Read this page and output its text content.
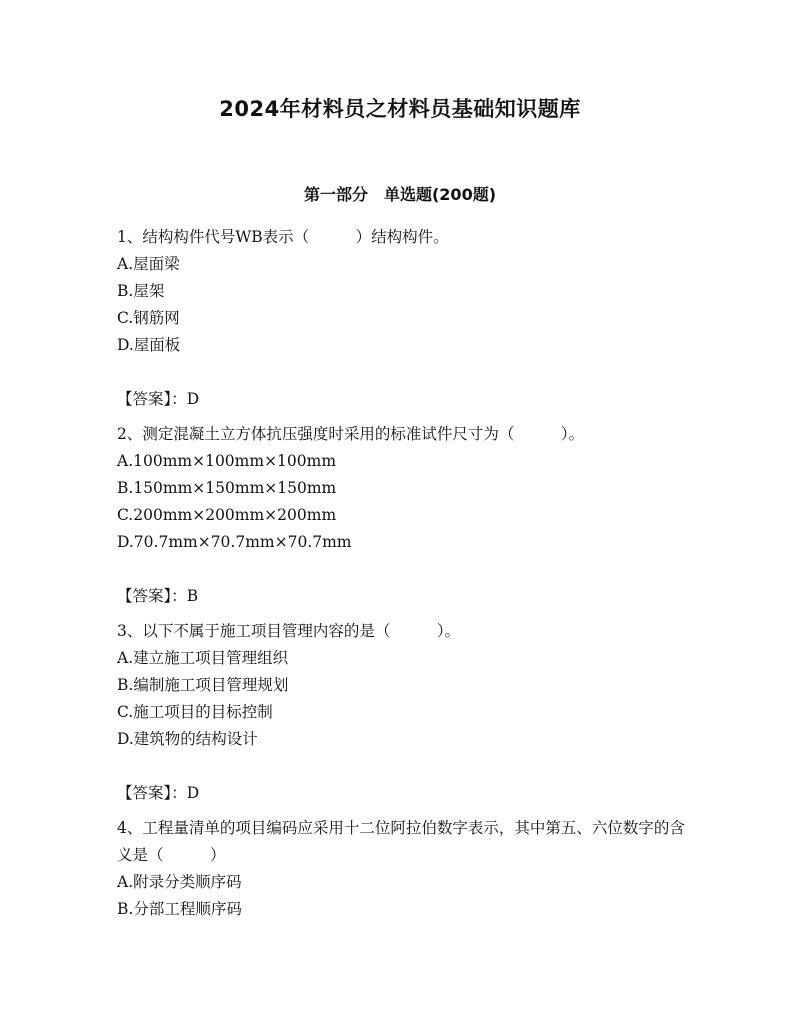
2024年材料员之材料员基础知识题库
第一部分　单选题(200题)
1、结构构件代号WB表示（　　　）结构构件。
A.屋面梁
B.屋架
C.钢筋网
D.屋面板
【答案】：D
2、测定混凝土立方体抗压强度时采用的标准试件尺寸为（　　　）。
A.100mm×100mm×100mm
B.150mm×150mm×150mm
C.200mm×200mm×200mm
D.70.7mm×70.7mm×70.7mm
【答案】：B
3、以下不属于施工项目管理内容的是（　　　）。
A.建立施工项目管理组织
B.编制施工项目管理规划
C.施工项目的目标控制
D.建筑物的结构设计
【答案】：D
4、工程量清单的项目编码应采用十二位阿拉伯数字表示，其中第五、六位数字的含义是（　　　）
A.附录分类顺序码
B.分部工程顺序码
